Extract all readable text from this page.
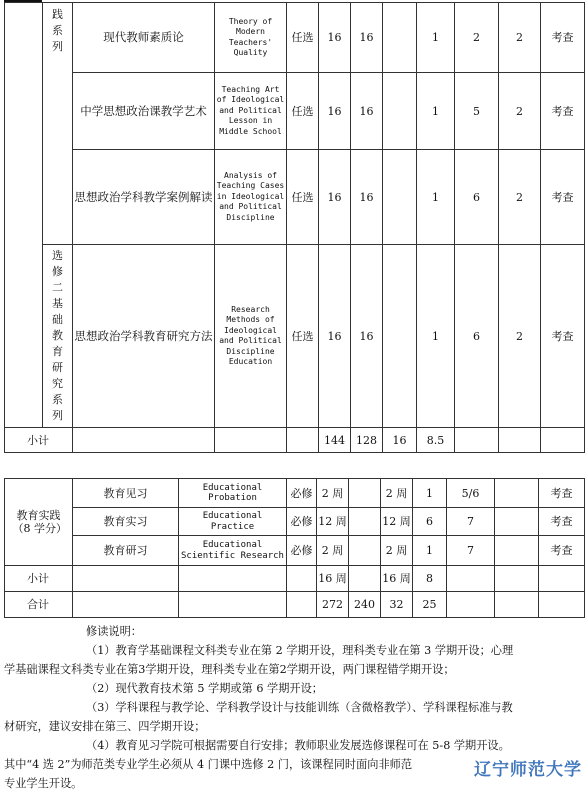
	践系列	现代教师素质论	Theory of Modern Teachers' Quality	任选	16	16		1	2	2	考查
		中学思想政治课教学艺术	Teaching Art of Ideological and Political Lesson in Middle School	任选	16	16		1	5	2	考查
		思想政治学科教学案例解读	Analysis of Teaching Cases in Ideological and Political Discipline	任选	16	16		1	6	2	考查
	选修二 基础教育研究系列	思想政治学科教育研究方法	Research Methods of Ideological and Political Discipline Education	任选	16	16		1	6	2	考查
小计					144	128	16	8.5			
教育实践（8 学分）	教育见习	Educational Probation	必修	2 周		2 周	1	5/6		考查
	教育实习	Educational Practice	必修	12 周		12 周	6	7		考查
	教育研习	Educational Scientific Research	必修	2 周		2 周	1	7		考查
小计				16 周		16 周	8			
合计				272	240	32	25			
修读说明：
（1）教育学基础课程文科类专业在第 2 学期开设，理科类专业在第 3 学期开设；心理
学基础课程文科类专业在第3学期开设，理科类专业在第2学期开设，两门课程错学期开设；
（2）现代教育技术第 5 学期或第 6 学期开设；
（3）学科课程与教学论、学科教学设计与技能训练（含微格教学）、学科课程标准与教
材研究，建议安排在第三、四学期开设；
（4）教育见习学院可根据需要自行安排；教师职业发展选修课程可在 5-8 学期开设。
其中“4 选 2”为师范类专业学生必须从 4 门课中选修 2 门，该课程同时面向非师范
专业学生开设。
辽宁师范大学
